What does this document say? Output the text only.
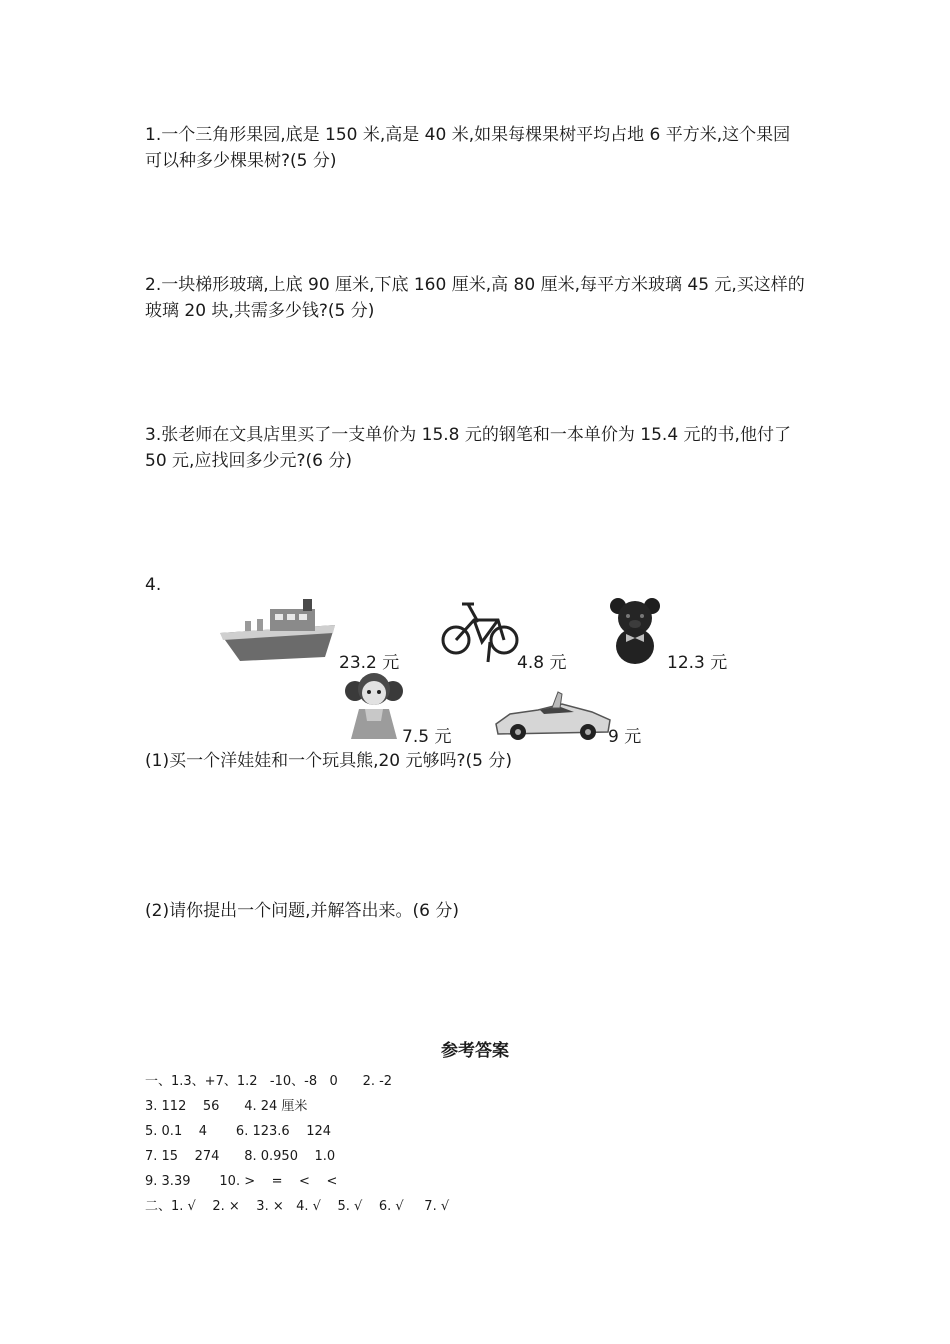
1.一个三角形果园,底是 150 米,高是 40 米,如果每棵果树平均占地 6 平方米,这个果园可以种多少棵果树?(5 分)
2.一块梯形玻璃,上底 90 厘米,下底 160 厘米,高 80 厘米,每平方米玻璃 45 元,买这样的玻璃 20 块,共需多少钱?(5 分)
3.张老师在文具店里买了一支单价为 15.8 元的钢笔和一本单价为 15.4 元的书,他付了 50 元,应找回多少元?(6 分)
4.
23.2 元	4.8 元	12.3 元
7.5 元	9 元
(1)买一个洋娃娃和一个玩具熊,20 元够吗?(5 分)
(2)请你提出一个问题,并解答出来。(6 分)
参考答案
一、1.3、+7、1.2   -10、-8   0      2. -2
3. 112    56      4. 24 厘米
5. 0.1    4       6. 123.6    124
7. 15    274      8. 0.950    1.0
9. 3.39       10. >    =    <    <
二、1. √    2. ×    3. ×   4. √    5. √    6. √     7. √
